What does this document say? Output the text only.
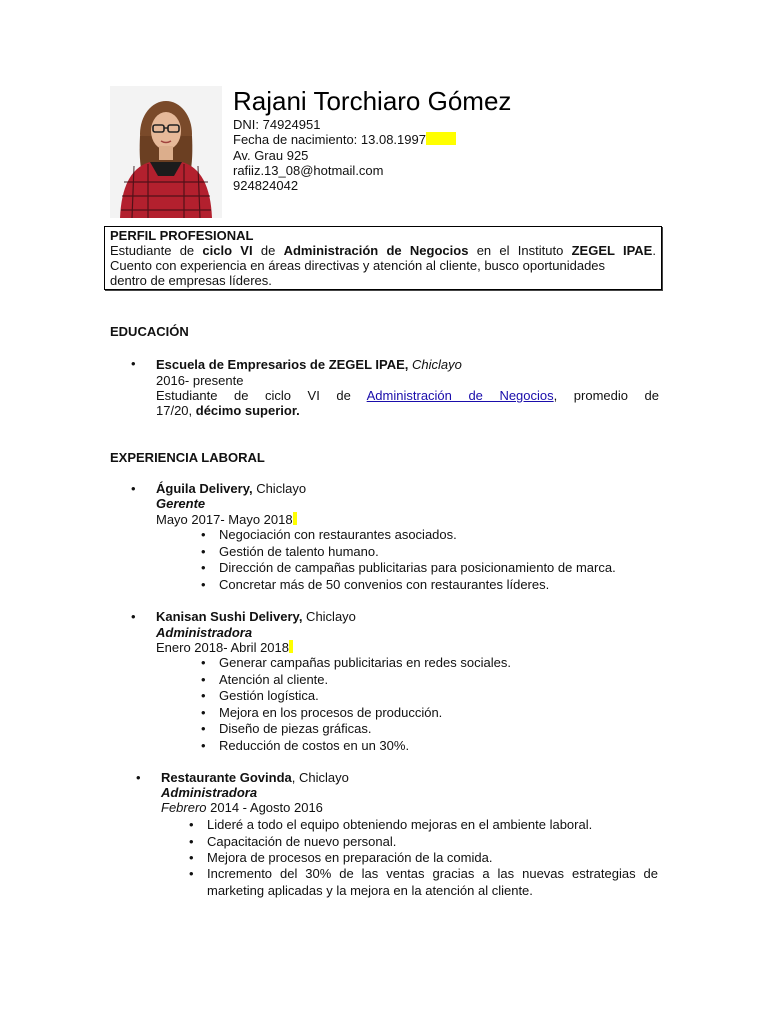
Rajani Torchiaro Gómez
DNI: 74924951
Fecha de nacimiento: 13.08.1997
Av. Grau 925
rafiiz.13_08@hotmail.com
924824042
PERFIL PROFESIONAL

Estudiante de ciclo VI de Administración de Negocios en el Instituto ZEGEL IPAE.

Cuento con experiencia en áreas directivas y atención al cliente, busco oportunidades

dentro de empresas líderes.

EDUCACIÓN
• Escuela de Empresarios de ZEGEL IPAE, Chiclayo
2016- presente
Estudiante de ciclo VI de Administración de Negocios, promedio de
17/20, décimo superior.
EXPERIENCIA LABORAL
• Águila Delivery, Chiclayo
Gerente
Mayo 2017- Mayo 2018
• Negociación con restaurantes asociados.
• Gestión de talento humano.
• Dirección de campañas publicitarias para posicionamiento de marca.
• Concretar más de 50 convenios con restaurantes líderes.
• Kanisan Sushi Delivery, Chiclayo
Administradora
Enero 2018- Abril 2018
• Generar campañas publicitarias en redes sociales.
• Atención al cliente.
• Gestión logística.
• Mejora en los procesos de producción.
• Diseño de piezas gráficas.
• Reducción de costos en un 30%.
• Restaurante Govinda, Chiclayo
Administradora
Febrero 2014 - Agosto 2016
• Lideré a todo el equipo obteniendo mejoras en el ambiente laboral.
• Capacitación de nuevo personal.
• Mejora de procesos en preparación de la comida.
• Incremento del 30% de las ventas gracias a las nuevas estrategias de
marketing aplicadas y la mejora en la atención al cliente.
